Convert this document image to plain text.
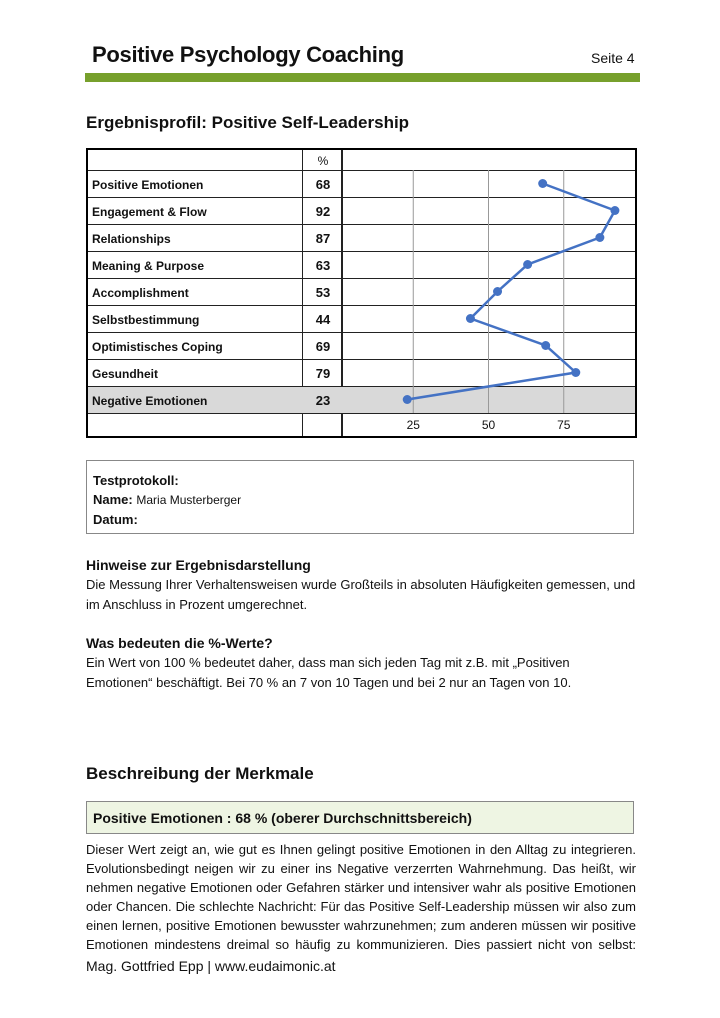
Positive Psychology Coaching	Seite 4
Ergebnisprofil: Positive Self-Leadership
%
Positive Emotionen	68
Engagement & Flow	92
Relationships	87
Meaning & Purpose	63
Accomplishment	53
Selbstbestimmung	44
Optimistisches Coping	69
Gesundheit	79
Negative Emotionen	23
25	50	75
Testprotokoll:
Name: Maria Musterberger
Datum:
Hinweise zur Ergebnisdarstellung
Die Messung Ihrer Verhaltensweisen wurde Großteils in absoluten Häufigkeiten gemessen, und im Anschluss in Prozent umgerechnet.
Was bedeuten die %-Werte?
Ein Wert von 100 % bedeutet daher, dass man sich jeden Tag mit z.B. mit „Positiven Emotionen“ beschäftigt. Bei 70 % an 7 von 10 Tagen und bei 2 nur an Tagen von 10.
Beschreibung der Merkmale
Positive Emotionen : 68 % (oberer Durchschnittsbereich)
Dieser Wert zeigt an, wie gut es Ihnen gelingt positive Emotionen in den Alltag zu integrieren. Evolutionsbedingt neigen wir zu einer ins Negative verzerrten Wahrnehmung. Das heißt, wir nehmen negative Emotionen oder Gefahren stärker und intensiver wahr als positive Emotionen oder Chancen. Die schlechte Nachricht: Für das Positive Self-Leadership müssen wir also zum einen lernen, positive Emotionen bewusster wahrzunehmen; zum anderen müssen wir positive Emotionen mindestens dreimal so häufig zu kommunizieren. Dies passiert nicht von selbst:
Mag. Gottfried Epp | www.eudaimonic.at
